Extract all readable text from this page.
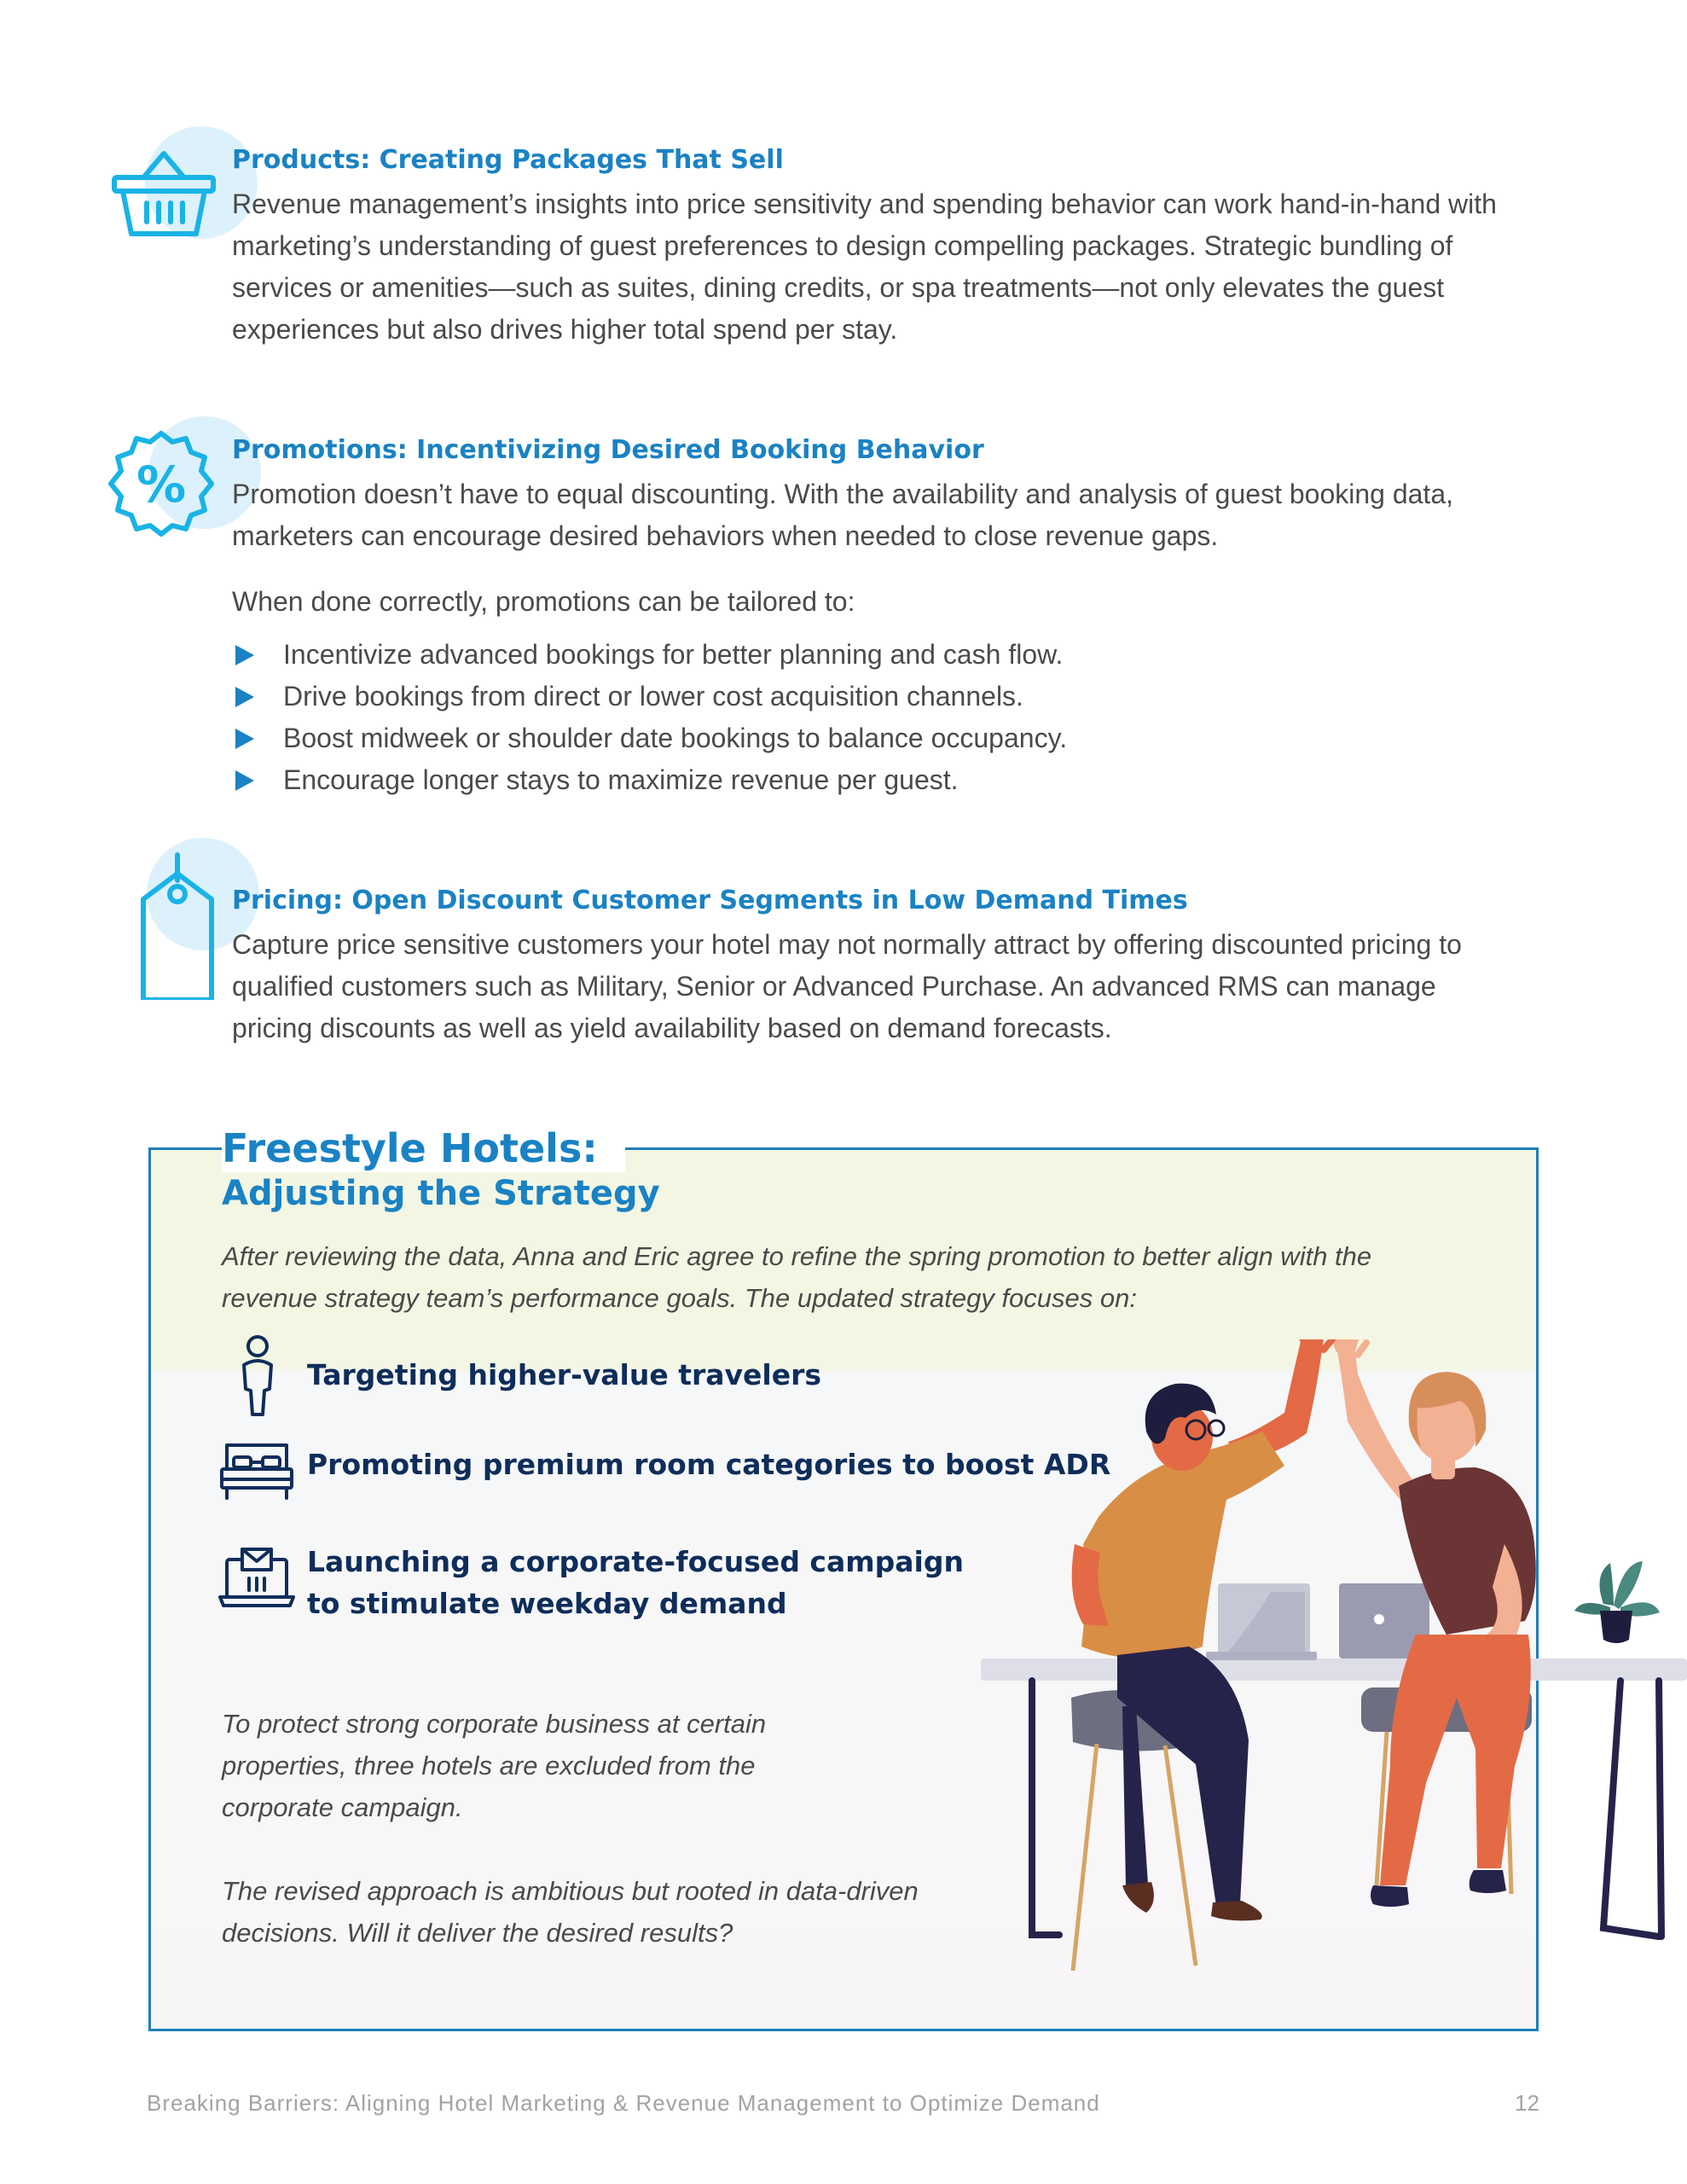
Products: Creating Packages That Sell

Revenue management’s insights into price sensitivity and spending behavior can work hand-in-hand with marketing’s understanding of guest preferences to design compelling packages. Strategic bundling of services or amenities—such as suites, dining credits, or spa treatments—not only elevates the guest experiences but also drives higher total spend per stay.

%
Promotions: Incentivizing Desired Booking Behavior

Promotion doesn’t have to equal discounting. With the availability and analysis of guest booking data, marketers can encourage desired behaviors when needed to close revenue gaps.

When done correctly, promotions can be tailored to:

Incentivize advanced bookings for better planning and cash flow.
Drive bookings from direct or lower cost acquisition channels.
Boost midweek or shoulder date bookings to balance occupancy.
Encourage longer stays to maximize revenue per guest.
Pricing: Open Discount Customer Segments in Low Demand Times

Capture price sensitive customers your hotel may not normally attract by offering discounted pricing to qualified customers such as Military, Senior or Advanced Purchase. An advanced RMS can manage pricing discounts as well as yield availability based on demand forecasts.

Freestyle Hotels:
Adjusting the Strategy

After reviewing the data, Anna and Eric agree to refine the spring promotion to better align with the revenue strategy team’s performance goals. The updated strategy focuses on:

Targeting higher-value travelers

Promoting premium room categories to boost ADR

Launching a corporate-focused campaign

to stimulate weekday demand

To protect strong corporate business at certain properties, three hotels are excluded from the corporate campaign.

The revised approach is ambitious but rooted in data-driven decisions. Will it deliver the desired results?

Breaking Barriers: Aligning Hotel Marketing & Revenue Management to Optimize Demand	12
